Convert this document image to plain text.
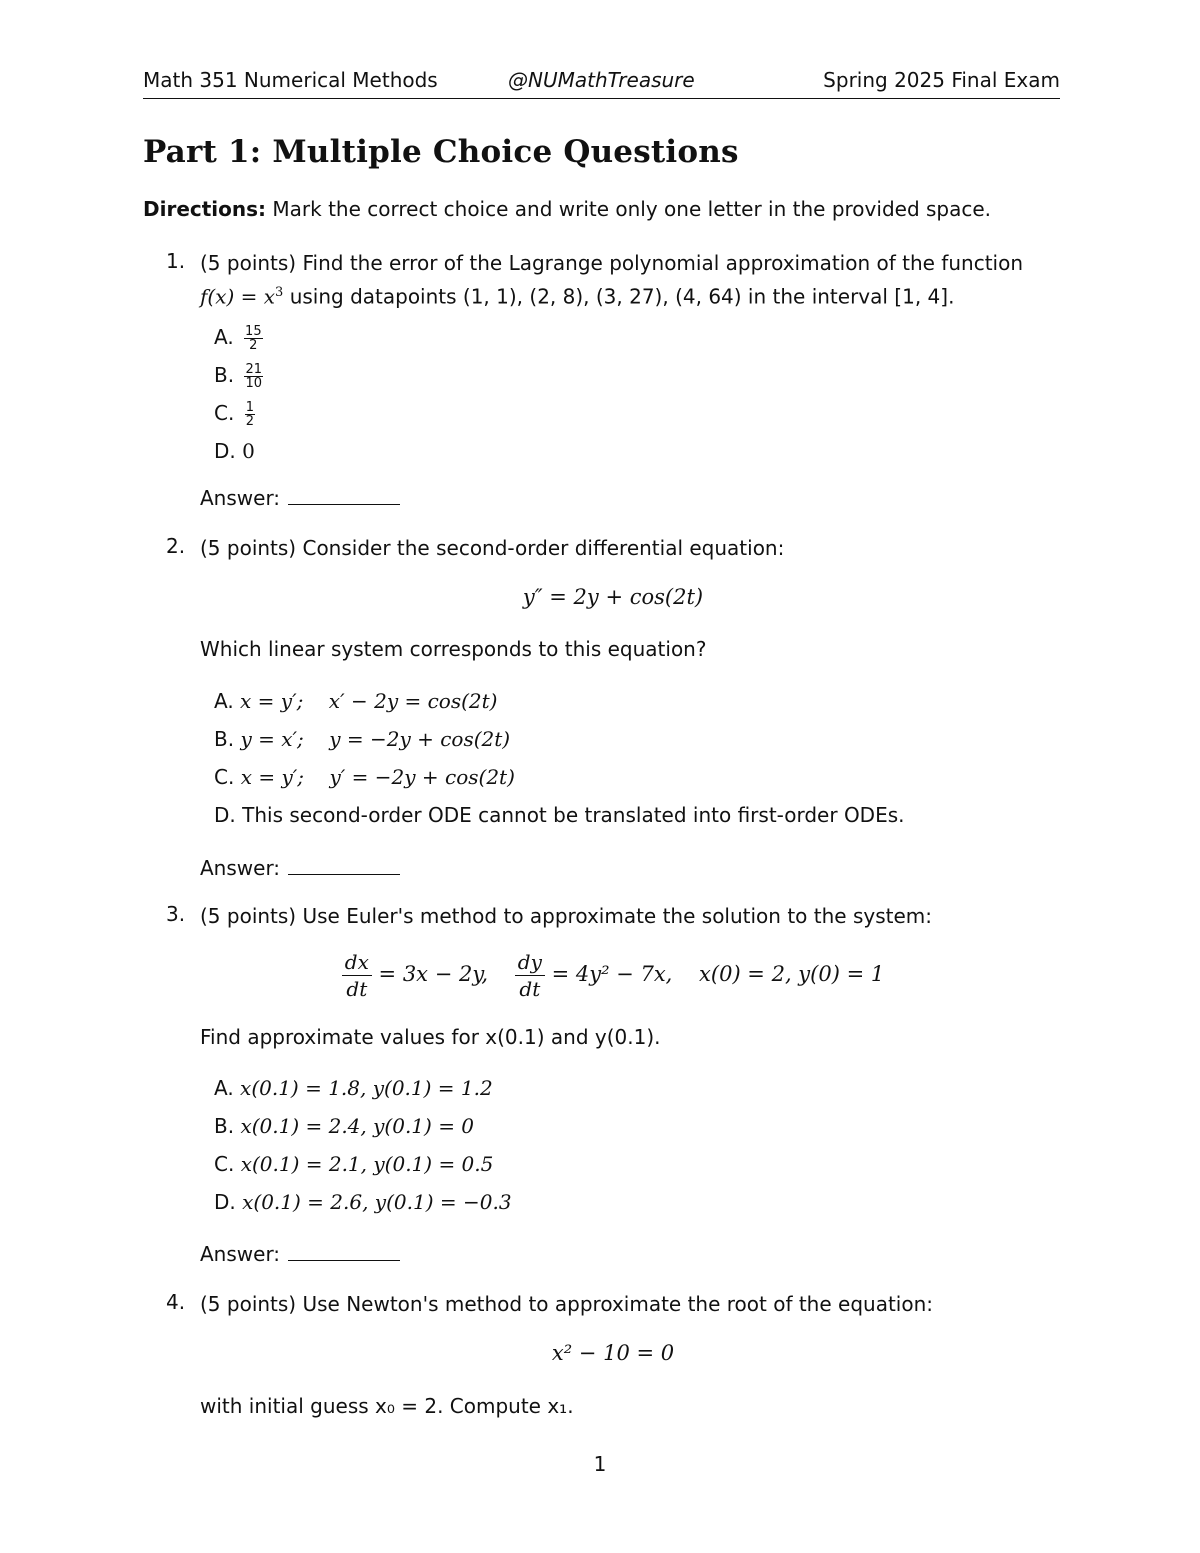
Math 351 Numerical Methods	@NUMathTreasure	Spring 2025 Final Exam
Part 1: Multiple Choice Questions
Directions: Mark the correct choice and write only one letter in the provided space.
1. (5 points) Find the error of the Lagrange polynomial approximation of the function
$f(x) = x^3$ using datapoints (1, 1), (2, 8), (3, 27), (4, 64) in the interval [1, 4].
A. $\frac{15}{2}$
B. $\frac{21}{10}$
C. $\frac{1}{2}$
D. 0
Answer:
2. (5 points) Consider the second-order differential equation:
y″ = 2y + cos(2t)
Which linear system corresponds to this equation?
A. x = y′;    x′ − 2y = cos(2t)
B. y = x′;    y = −2y + cos(2t)
C. x = y′;    y′ = −2y + cos(2t)
D. This second-order ODE cannot be translated into first-order ODEs.
Answer:
3. (5 points) Use Euler's method to approximate the solution to the system:
$\frac{dx}{dt} = 3x - 2y$, $\frac{dy}{dt} = 4y^2 - 7x$, x(0) = 2, y(0) = 1
Find approximate values for x(0.1) and y(0.1).
A. x(0.1) = 1.8, y(0.1) = 1.2
B. x(0.1) = 2.4, y(0.1) = 0
C. x(0.1) = 2.1, y(0.1) = 0.5
D. x(0.1) = 2.6, y(0.1) = −0.3
Answer:
4. (5 points) Use Newton's method to approximate the root of the equation:
x² − 10 = 0
with initial guess x₀ = 2. Compute x₁.
1
